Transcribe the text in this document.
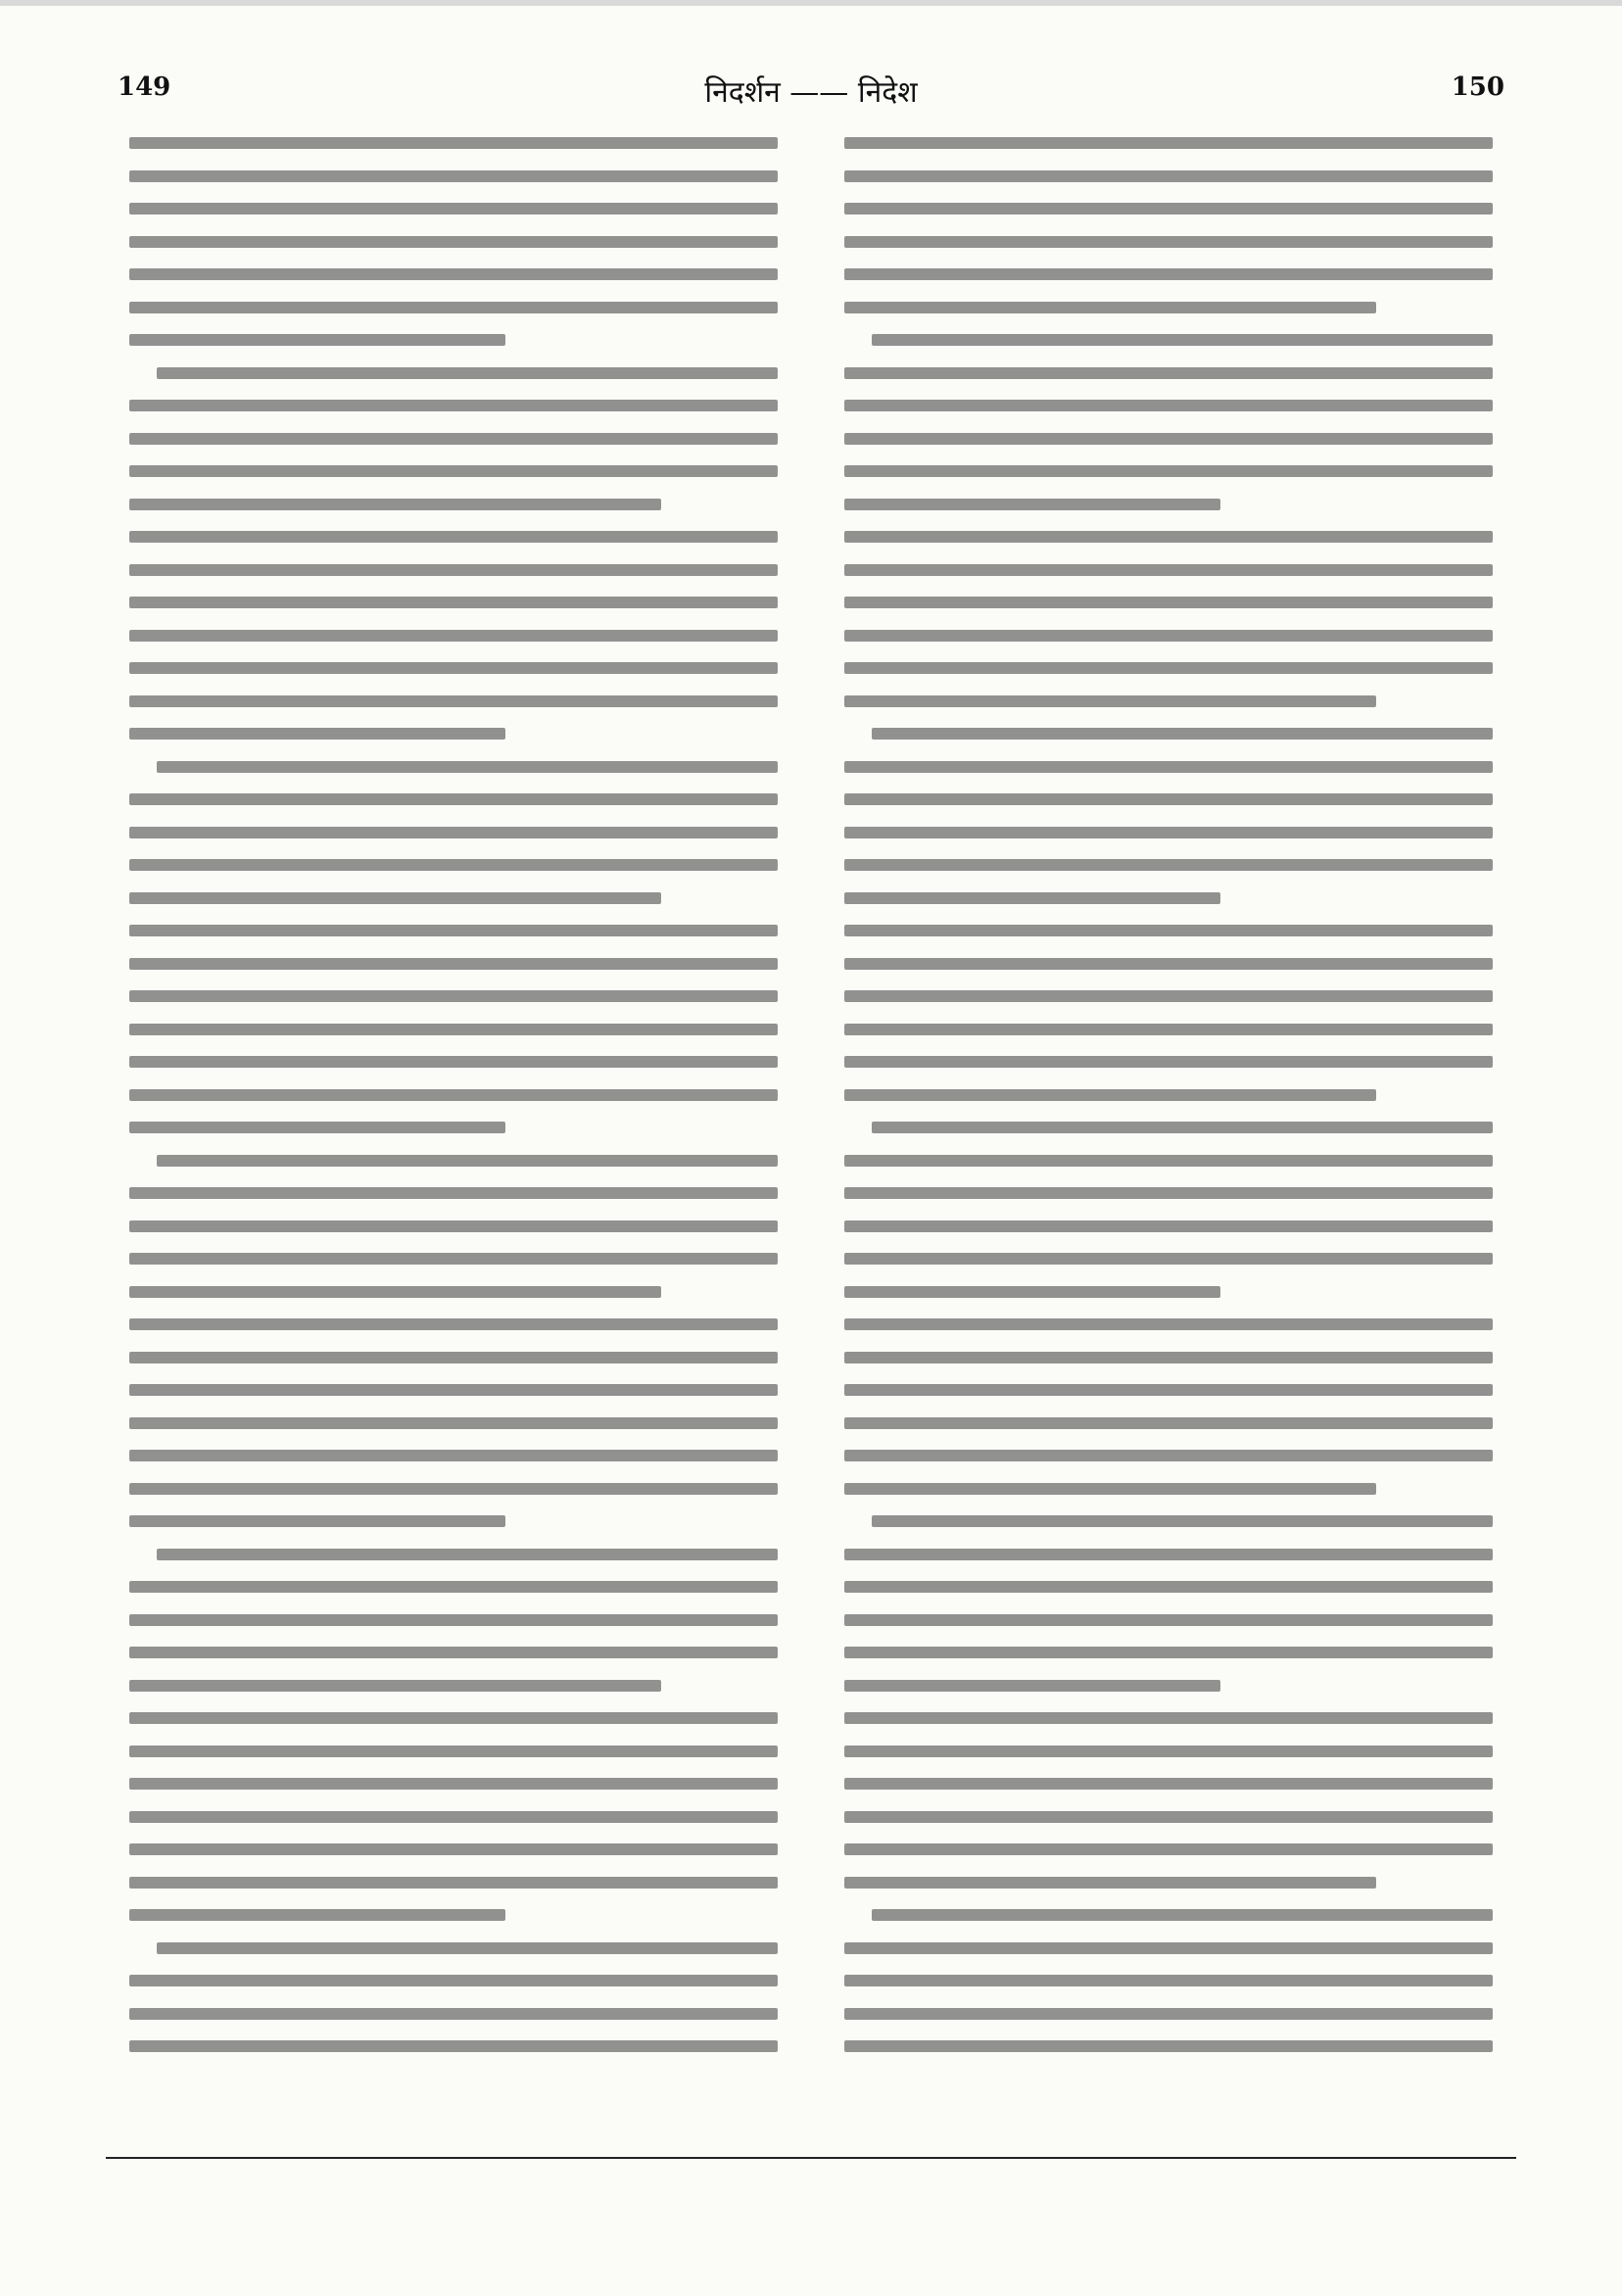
149	निदर्शन —— निदेश	150
